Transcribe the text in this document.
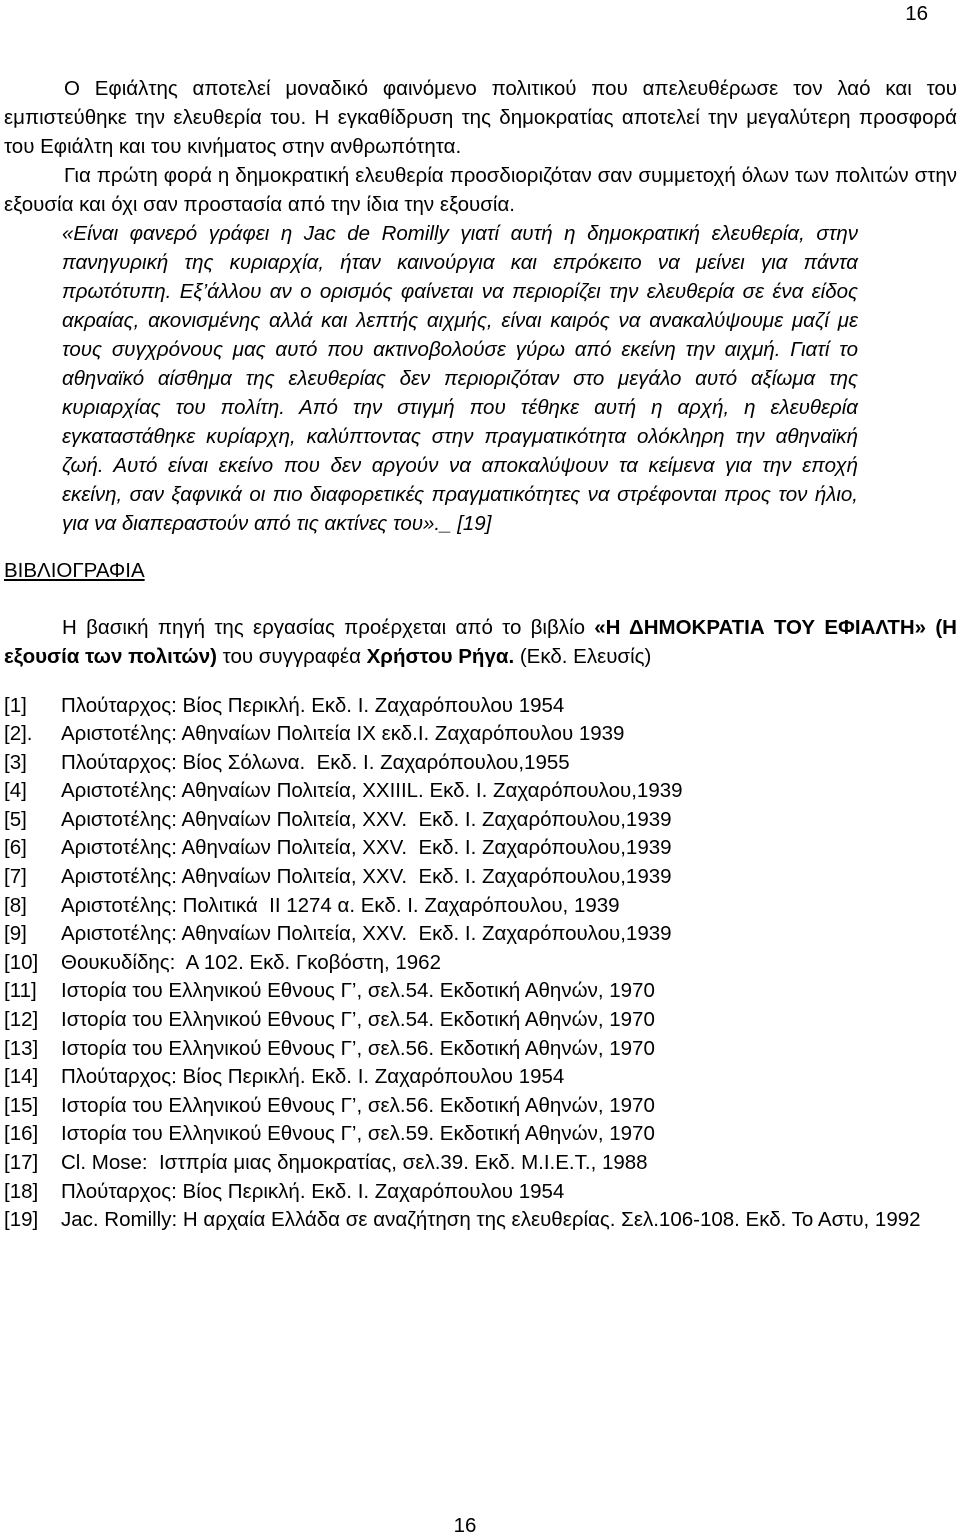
16

Ο Εφιάλτης αποτελεί μοναδικό φαινόμενο πολιτικού που απελευθέρωσε τον λαό και του εμπιστεύθηκε την ελευθερία του. Η εγκαθίδρυση της δημοκρατίας αποτελεί την μεγαλύτερη προσφορά του Εφιάλτη και του κινήματος στην ανθρωπότητα.

Για πρώτη φορά η δημοκρατική ελευθερία προσδιοριζόταν σαν συμμετοχή όλων των πολιτών στην εξουσία και όχι σαν προστασία από την ίδια την εξουσία.

«Είναι φανερό γράφει η Jac de Romilly γιατί αυτή η δημοκρατική ελευθερία, στην πανηγυρική της κυριαρχία, ήταν καινούργια και επρόκειτο να μείνει για πάντα πρωτότυπη. Εξ’άλλου αν ο ορισμός φαίνεται να περιορίζει την ελευθερία σε ένα είδος ακραίας, ακονισμένης αλλά και λεπτής αιχμής, είναι καιρός να ανακαλύψουμε μαζί με τους συγχρόνους μας αυτό που ακτινοβολούσε γύρω από εκείνη την αιχμή. Γιατί το αθηναϊκό αίσθημα της ελευθερίας δεν περιοριζόταν στο μεγάλο αυτό αξίωμα της κυριαρχίας του πολίτη. Από την στιγμή που τέθηκε αυτή η αρχή, η ελευθερία εγκαταστάθηκε κυρίαρχη, καλύπτοντας στην πραγματικότητα ολόκληρη την αθηναϊκή ζωή. Αυτό είναι εκείνο που δεν αργούν να αποκαλύψουν τα κείμενα για την εποχή εκείνη, σαν ξαφνικά οι πιο διαφορετικές πραγματικότητες να στρέφονται προς τον ήλιο, για να διαπεραστούν από τις ακτίνες του»._ [19]

ΒΙΒΛΙΟΓΡΑΦΙΑ

Η βασική πηγή της εργασίας προέρχεται από το βιβλίο «Η ΔΗΜΟΚΡΑΤΙΑ ΤΟΥ ΕΦΙΑΛΤΗ» (Η εξουσία των πολιτών) του συγγραφέα Χρήστου Ρήγα. (Εκδ. Ελευσίς)

[1] Πλούταρχος: Βίος Περικλή. Εκδ. Ι. Ζαχαρόπουλου 1954
[2]. Αριστοτέλης: Αθηναίων Πολιτεία IX εκδ.Ι. Ζαχαρόπουλου 1939
[3] Πλούταρχος: Βίος Σόλωνα.  Εκδ. Ι. Ζαχαρόπουλου,1955
[4] Αριστοτέλης: Αθηναίων Πολιτεία, XXIIIL. Εκδ. Ι. Ζαχαρόπουλου,1939
[5] Αριστοτέλης: Αθηναίων Πολιτεία, XXV.  Εκδ. Ι. Ζαχαρόπουλου,1939
[6] Αριστοτέλης: Αθηναίων Πολιτεία, XXV.  Εκδ. Ι. Ζαχαρόπουλου,1939
[7] Αριστοτέλης: Αθηναίων Πολιτεία, XXV.  Εκδ. Ι. Ζαχαρόπουλου,1939
[8] Αριστοτέλης: Πολιτικά  II 1274 α. Εκδ. Ι. Ζαχαρόπουλου, 1939
[9] Αριστοτέλης: Αθηναίων Πολιτεία, XXV.  Εκδ. Ι. Ζαχαρόπουλου,1939
[10] Θουκυδίδης:  Α 102. Εκδ. Γκοβόστη, 1962
[11] Ιστορία του Ελληνικού Εθνους Γ’, σελ.54. Εκδοτική Αθηνών, 1970
[12] Ιστορία του Ελληνικού Εθνους Γ’, σελ.54. Εκδοτική Αθηνών, 1970
[13] Ιστορία του Ελληνικού Εθνους Γ’, σελ.56. Εκδοτική Αθηνών, 1970
[14] Πλούταρχος: Βίος Περικλή. Εκδ. Ι. Ζαχαρόπουλου 1954
[15] Ιστορία του Ελληνικού Εθνους Γ’, σελ.56. Εκδοτική Αθηνών, 1970
[16] Ιστορία του Ελληνικού Εθνους Γ’, σελ.59. Εκδοτική Αθηνών, 1970
[17] Cl. Mose:  Ιστπρία μιας δημοκρατίας, σελ.39. Εκδ. Μ.Ι.Ε.Τ., 1988
[18] Πλούταρχος: Βίος Περικλή. Εκδ. Ι. Ζαχαρόπουλου 1954
[19] Jac. Romilly: Η αρχαία Ελλάδα σε αναζήτηση της ελευθερίας. Σελ.106-108. Εκδ. Το Αστυ, 1992
16
